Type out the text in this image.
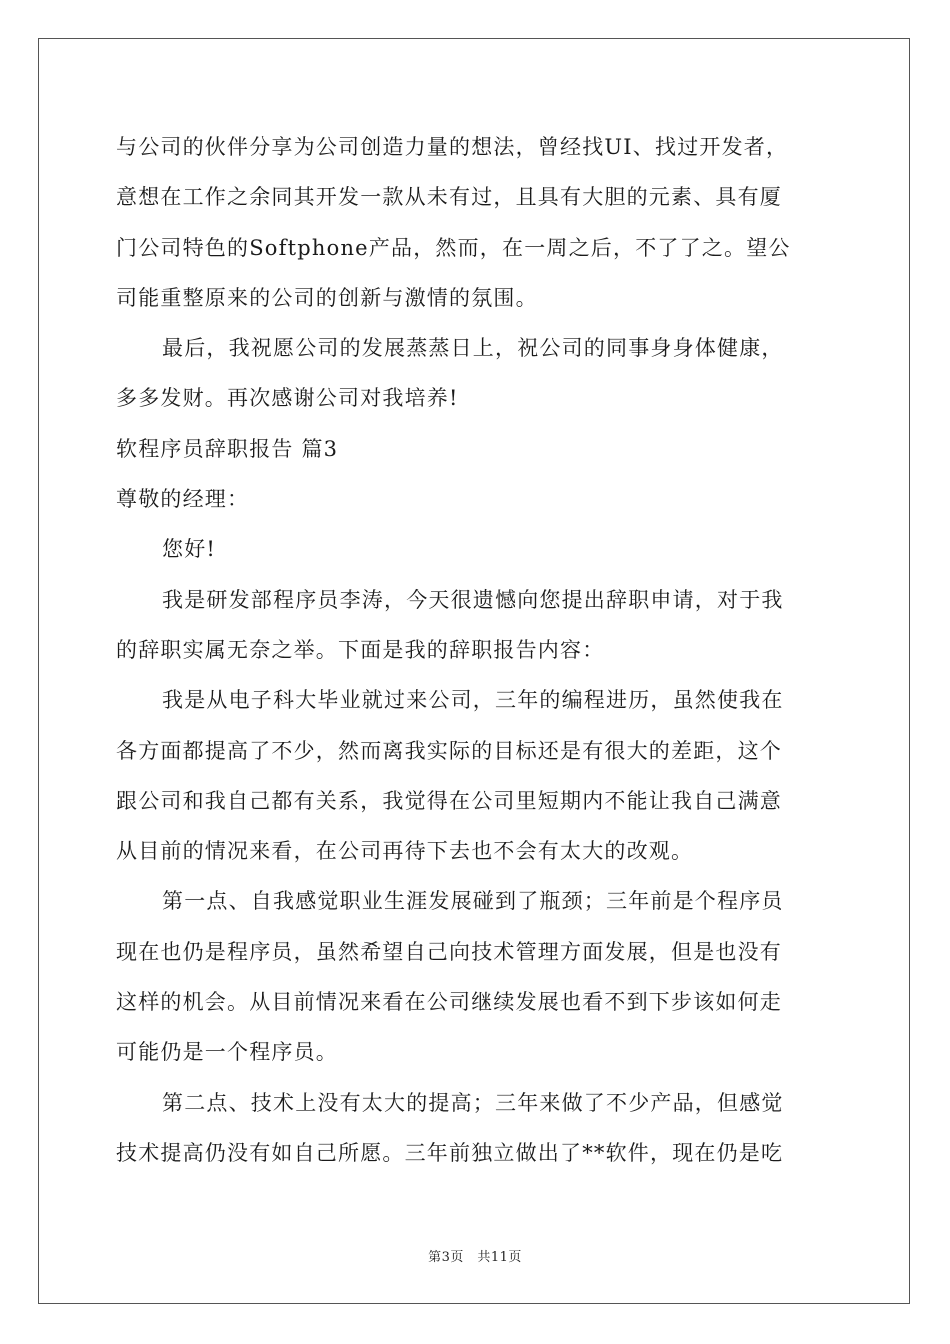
与公司的伙伴分享为公司创造力量的想法，曾经找UI、找过开发者，
意想在工作之余同其开发一款从未有过，且具有大胆的元素、具有厦
门公司特色的Softphone产品，然而，在一周之后，不了了之。望公
司能重整原来的公司的创新与激情的氛围。
最后，我祝愿公司的发展蒸蒸日上，祝公司的同事身身体健康，
多多发财。再次感谢公司对我培养!
软程序员辞职报告 篇3
尊敬的经理：
您好!
我是研发部程序员李涛，今天很遗憾向您提出辞职申请，对于我
的辞职实属无奈之举。下面是我的辞职报告内容：
我是从电子科大毕业就过来公司，三年的编程进历，虽然使我在
各方面都提高了不少，然而离我实际的目标还是有很大的差距，这个
跟公司和我自己都有关系，我觉得在公司里短期内不能让我自己满意
从目前的情况来看，在公司再待下去也不会有太大的改观。
第一点、自我感觉职业生涯发展碰到了瓶颈；三年前是个程序员
现在也仍是程序员，虽然希望自己向技术管理方面发展，但是也没有
这样的机会。从目前情况来看在公司继续发展也看不到下步该如何走
可能仍是一个程序员。
第二点、技术上没有太大的提高；三年来做了不少产品，但感觉
技术提高仍没有如自己所愿。三年前独立做出了**软件，现在仍是吃
第3页　共11页
